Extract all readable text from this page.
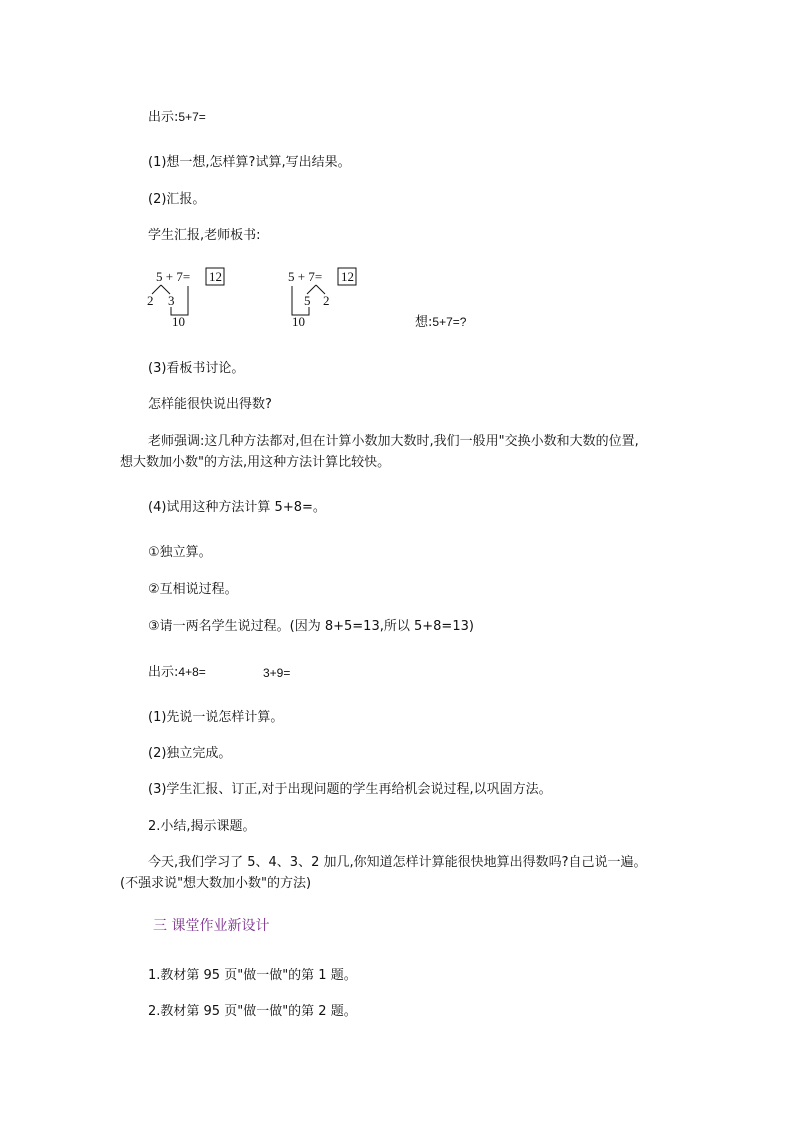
出示:5+7=
(1)想一想,怎样算?试算,写出结果。
(2)汇报。
学生汇报,老师板书:
5 + 7= 12
2 3
10
5 + 7= 12
5 2
10	想:5+7=?
(3)看板书讨论。
怎样能很快说出得数?
老师强调:这几种方法都对,但在计算小数加大数时,我们一般用"交换小数和大数的位置,
想大数加小数"的方法,用这种方法计算比较快。
(4)试用这种方法计算 5+8=。
①独立算。
②互相说过程。
③请一两名学生说过程。(因为 8+5=13,所以 5+8=13)
出示:4+8=	3+9=
(1)先说一说怎样计算。
(2)独立完成。
(3)学生汇报、订正,对于出现问题的学生再给机会说过程,以巩固方法。
2.小结,揭示课题。
今天,我们学习了 5、4、3、2 加几,你知道怎样计算能很快地算出得数吗?自己说一遍。
(不强求说"想大数加小数"的方法)
三 课堂作业新设计
1.教材第 95 页"做一做"的第 1 题。
2.教材第 95 页"做一做"的第 2 题。
